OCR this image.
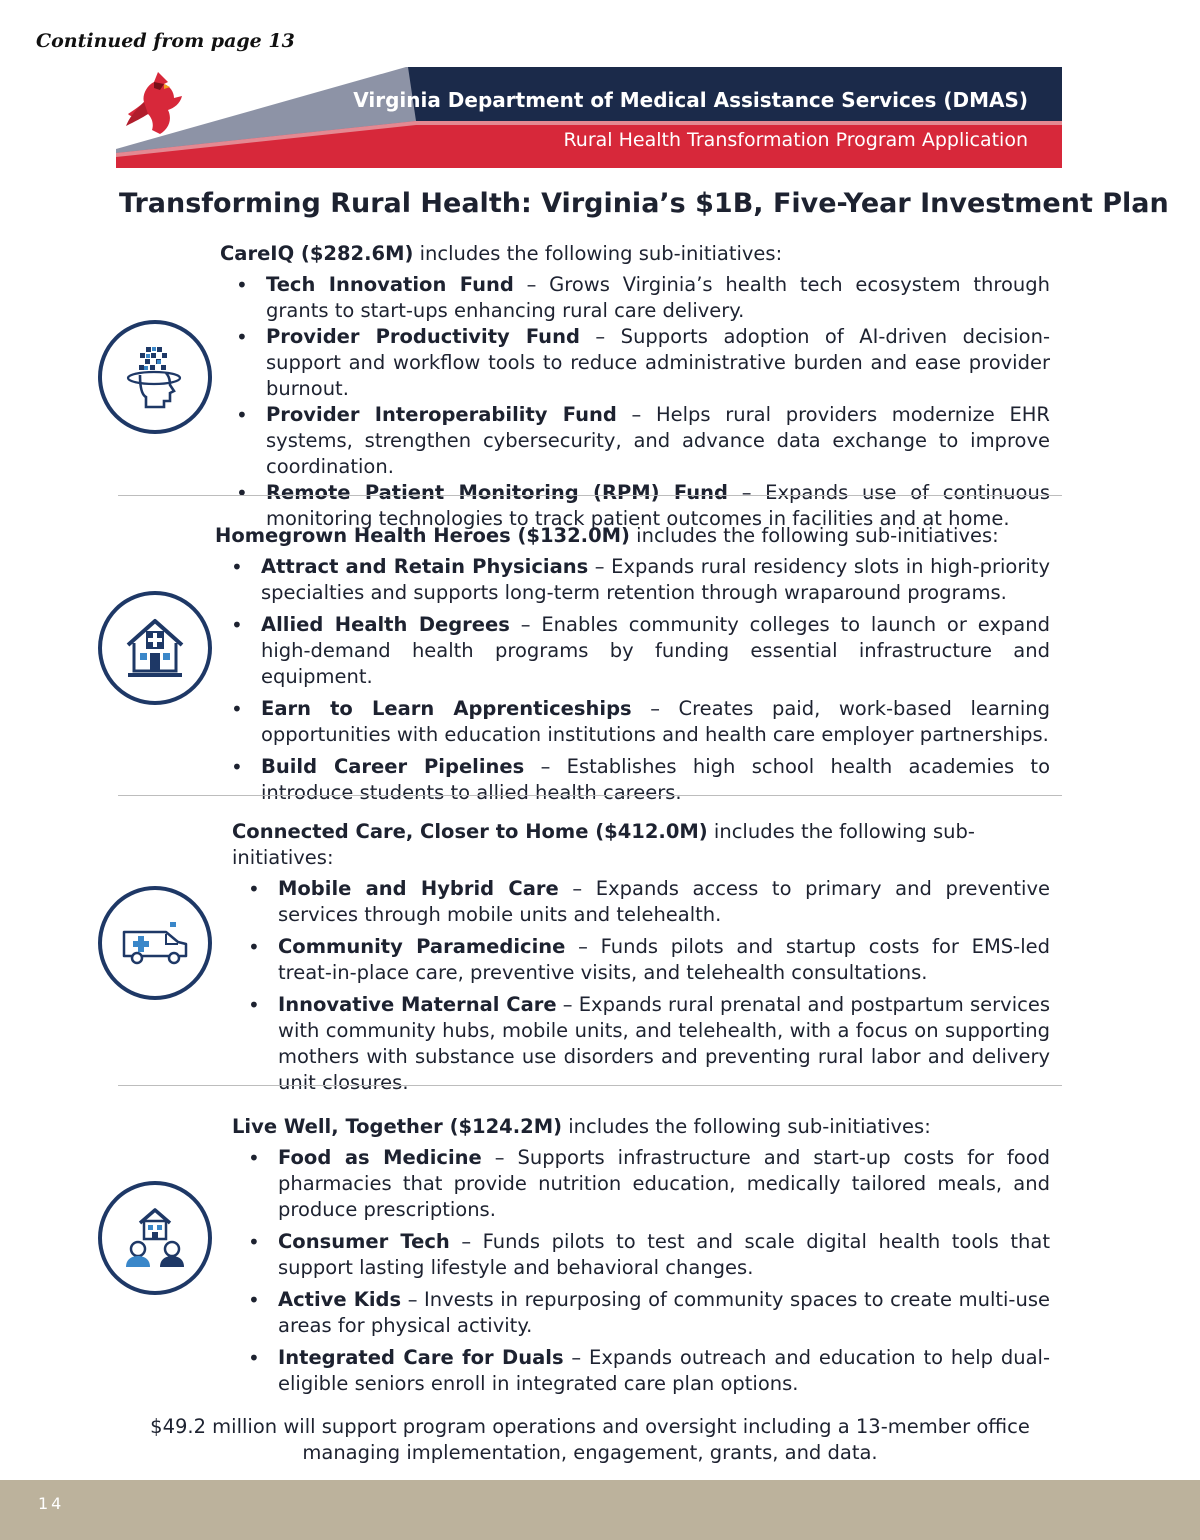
Continued from page 13
Virginia Department of Medical Assistance Services (DMAS)
Rural Health Transformation Program Application
Transforming Rural Health: Virginia’s $1B, Five-Year Investment Plan

CareIQ ($282.6M) includes the following sub-initiatives:

• Tech Innovation Fund – Grows Virginia’s health tech ecosystem through grants to start-ups enhancing rural care delivery.
• Provider Productivity Fund – Supports adoption of AI-driven decision-support and workflow tools to reduce administrative burden and ease provider burnout.
• Provider Interoperability Fund – Helps rural providers modernize EHR systems, strengthen cybersecurity, and advance data exchange to improve coordination.
• Remote Patient Monitoring (RPM) Fund – Expands use of continuous monitoring technologies to track patient outcomes in facilities and at home.

Homegrown Health Heroes ($132.0M) includes the following sub-initiatives:

• Attract and Retain Physicians – Expands rural residency slots in high-priority specialties and supports long-term retention through wraparound programs.
• Allied Health Degrees – Enables community colleges to launch or expand high-demand health programs by funding essential infrastructure and equipment.
• Earn to Learn Apprenticeships – Creates paid, work-based learning opportunities with education institutions and health care employer partnerships.
• Build Career Pipelines – Establishes high school health academies to introduce students to allied health careers.

Connected Care, Closer to Home ($412.0M) includes the following sub-initiatives:

• Mobile and Hybrid Care – Expands access to primary and preventive services through mobile units and telehealth.
• Community Paramedicine – Funds pilots and startup costs for EMS-led treat-in-place care, preventive visits, and telehealth consultations.
• Innovative Maternal Care – Expands rural prenatal and postpartum services with community hubs, mobile units, and telehealth, with a focus on supporting mothers with substance use disorders and preventing rural labor and delivery unit closures.

Live Well, Together ($124.2M) includes the following sub-initiatives:

• Food as Medicine – Supports infrastructure and start-up costs for food pharmacies that provide nutrition education, medically tailored meals, and produce prescriptions.
• Consumer Tech – Funds pilots to test and scale digital health tools that support lasting lifestyle and behavioral changes.
• Active Kids – Invests in repurposing of community spaces to create multi-use areas for physical activity.
• Integrated Care for Duals – Expands outreach and education to help dual-eligible seniors enroll in integrated care plan options.
$49.2 million will support program operations and oversight including a 13-member office managing implementation, engagement, grants, and data.
14
